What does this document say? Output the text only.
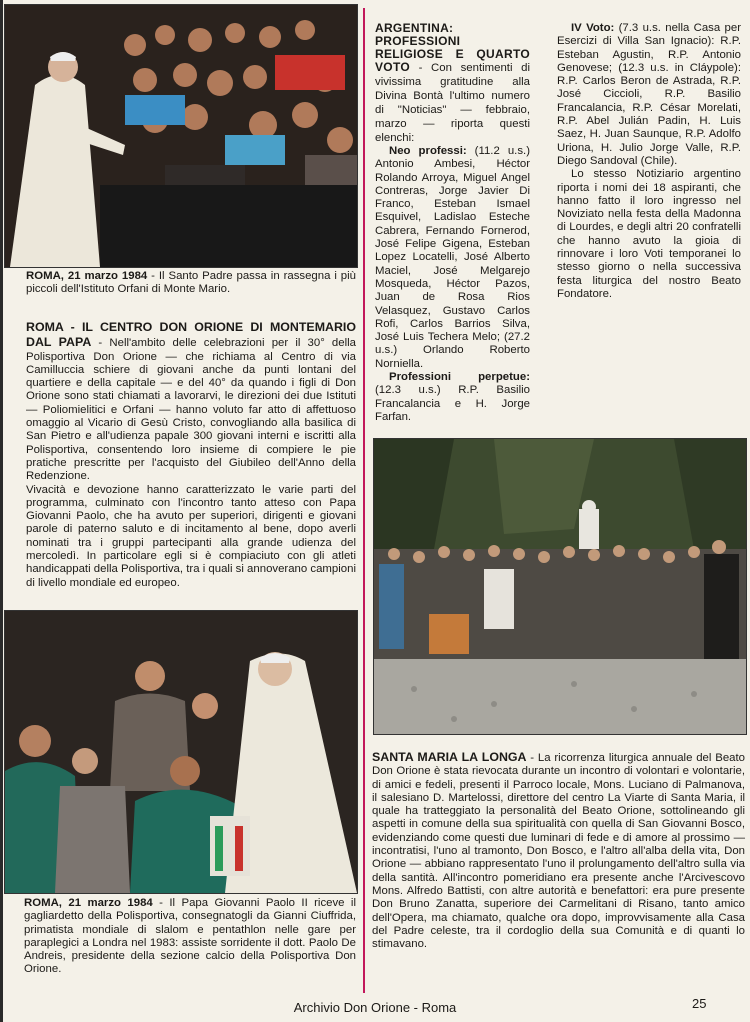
ROMA, 21 marzo 1984 - Il Santo Padre passa in rassegna i più piccoli dell'Istituto Orfani di Monte Mario.

ROMA - IL CENTRO DON ORIONE DI MONTEMARIO DAL PAPA - Nell'ambito delle celebrazioni per il 30° della Polisportiva Don Orione — che richiama al Centro di via Camilluccia schiere di giovani anche da punti lontani del quartiere e della capitale — e del 40° da quando i figli di Don Orione sono stati chiamati a lavorarvi, le direzioni dei due Istituti — Poliomielitici e Orfani — hanno voluto far atto di affettuoso omaggio al Vicario di Gesù Cristo, convogliando alla basilica di San Pietro e all'udienza papale 300 giovani interni e iscritti alla Polisportiva, consentendo loro insieme di compiere le pie pratiche prescritte per l'acquisto del Giubileo dell'Anno della Redenzione.

Vivacità e devozione hanno caratterizzato le varie parti del programma, culminato con l'incontro tanto atteso con Papa Giovanni Paolo, che ha avuto per superiori, dirigenti e giovani parole di paterno saluto e di incitamento al bene, dopo averli nominati tra i gruppi partecipanti alla grande udienza del mercoledì. In particolare egli si è compiaciuto con gli atleti handicappati della Polisportiva, tra i quali si annoverano campioni di livello mondiale ed europeo.

ROMA, 21 marzo 1984 - Il Papa Giovanni Paolo II riceve il gagliardetto della Polisportiva, consegnatogli da Gianni Ciuffrida, primatista mondiale di slalom e pentathlon nelle gare per paraplegici a Londra nel 1983: assiste sorridente il dott. Paolo De Andreis, presidente della sezione calcio della Polisportiva Don Orione.

ARGENTINA:
PROFESSIONI RELIGIOSE E QUARTO VOTO - Con sentimenti di vivissima gratitudine alla Divina Bontà l'ultimo numero di "Noticias" — febbraio, marzo — riporta questi elenchi:

Neo professi: (11.2 u.s.) Antonio Ambesi, Héctor Rolando Arroya, Miguel Angel Contreras, Jorge Javier Di Franco, Esteban Ismael Esquivel, Ladislao Esteche Cabrera, Fernando Fornerod, José Felipe Gigena, Esteban Lopez Locatelli, José Alberto Maciel, José Melgarejo Mosqueda, Héctor Pazos, Juan de Rosa Rios Velasquez, Gustavo Carlos Rofi, Carlos Barrios Silva, José Luis Techera Melo; (27.2 u.s.) Orlando Roberto Norniella.

Professioni perpetue: (12.3 u.s.) R.P. Basilio Francalancia e H. Jorge Farfan.

IV Voto: (7.3 u.s. nella Casa per Esercizi di Villa San Ignacio): R.P. Esteban Agustin, R.P. Antonio Genovese; (12.3 u.s. in Cláypole): R.P. Carlos Beron de Astrada, R.P. José Ciccioli, R.P. Basilio Francalancia, R.P. César Morelati, R.P. Abel Julián Padin, H. Luis Saez, H. Juan Saunque, R.P. Adolfo Uriona, H. Julio Jorge Valle, R.P. Diego Sandoval (Chile).

Lo stesso Notiziario argentino riporta i nomi dei 18 aspiranti, che hanno fatto il loro ingresso nel Noviziato nella festa della Madonna di Lourdes, e degli altri 20 confratelli che hanno avuto la gioia di rinnovare i loro Voti temporanei lo stesso giorno o nella successiva festa liturgica del nostro Beato Fondatore.

SANTA MARIA LA LONGA - La ricorrenza liturgica annuale del Beato Don Orione è stata rievocata durante un incontro di volontari e volontarie, di amici e fedeli, presenti il Parroco locale, Mons. Luciano di Palmanova, il salesiano D. Martelossi, direttore del centro La Viarte di Santa Maria, il quale ha tratteggiato la personalità del Beato Orione, sottolineando gli aspetti in comune della sua spiritualità con quella di San Giovanni Bosco, evidenziando come questi due luminari di fede e di amore al prossimo — incontratisi, l'uno al tramonto, Don Bosco, e l'altro all'alba della vita, Don Orione — abbiano rappresentato l'uno il prolungamento dell'altro sulla via della santità. All'incontro pomeridiano era presente anche l'Arcivescovo Mons. Alfredo Battisti, con altre autorità e benefattori: era pure presente Don Bruno Zanatta, superiore dei Carmelitani di Risano, tanto amico dell'Opera, ma chiamato, qualche ora dopo, improvvisamente alla Casa del Padre celeste, tra il cordoglio della sua Comunità e di quanti lo stimavano.
Archivio Don Orione - Roma	25
